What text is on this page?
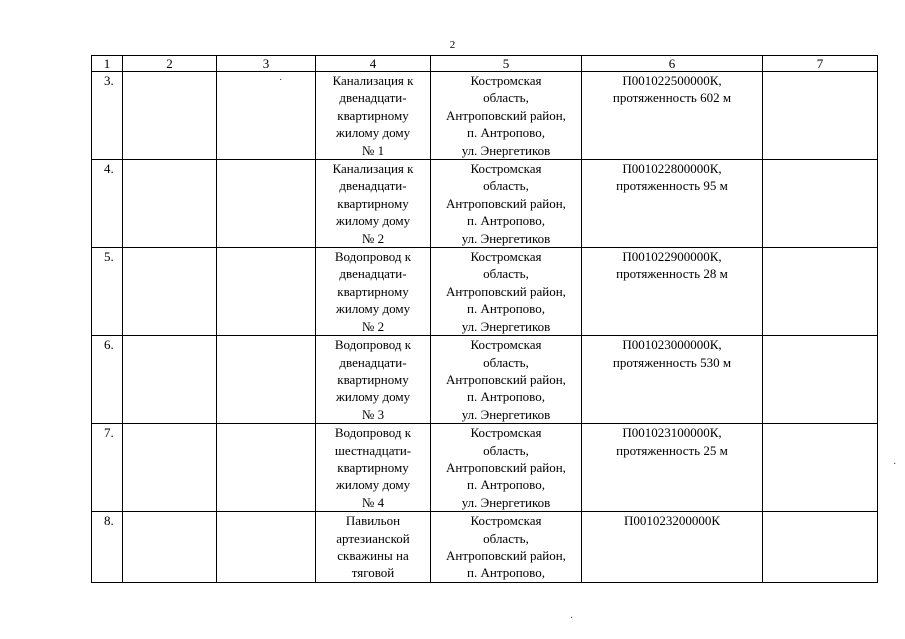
2
1	2	3	4	5	6	7
3.			Канализация к
двенадцати-
квартирному
жилому дому
№ 1	Костромская
область,
Антроповский район,
п. Антропово,
ул. Энергетиков	П001022500000К,
протяженность 602 м	

4.			Канализация к
двенадцати-
квартирному
жилому дому
№ 2	Костромская
область,
Антроповский район,
п. Антропово,
ул. Энергетиков	П001022800000К,
протяженность 95 м	

5.			Водопровод к
двенадцати-
квартирному
жилому дому
№ 2	Костромская
область,
Антроповский район,
п. Антропово,
ул. Энергетиков	П001022900000К,
протяженность 28 м	

6.			Водопровод к
двенадцати-
квартирному
жилому дому
№ 3	Костромская
область,
Антроповский район,
п. Антропово,
ул. Энергетиков	П001023000000К,
протяженность 530 м	

7.			Водопровод к
шестнадцати-
квартирному
жилому дому
№ 4	Костромская
область,
Антроповский район,
п. Антропово,
ул. Энергетиков	П001023100000К,
протяженность 25 м	

8.			Павильон
артезианской
скважины на
тяговой	Костромская
область,
Антроповский район,
п. Антропово,	П001023200000К	

·
·
·
